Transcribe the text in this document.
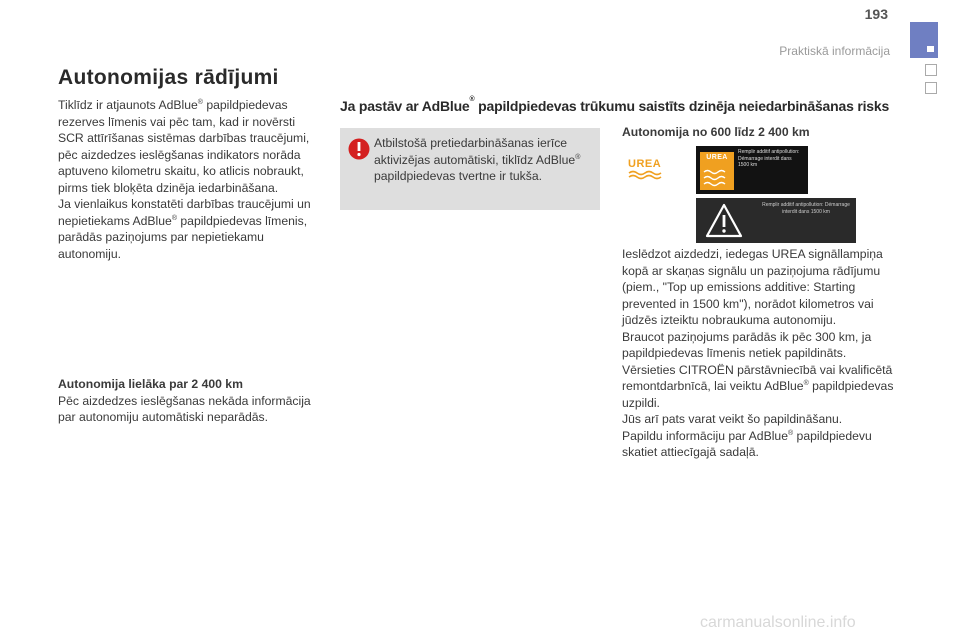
193
Praktiskā informācija
Autonomijas rādījumi
Tiklīdz ir atjaunots AdBlue® papildpiedevas rezerves līmenis vai pēc tam, kad ir novērsti SCR attīrīšanas sistēmas darbības traucējumi, pēc aizdedzes ieslēgšanas indikators norāda aptuveno kilometru skaitu, ko atlicis nobraukt, pirms tiek bloķēta dzinēja iedarbināšana.
Ja vienlaikus konstatēti darbības traucējumi un nepietiekams AdBlue® papildpiedevas līmenis, parādās paziņojums par nepietiekamu autonomiju.
Autonomija lielāka par 2 400 km
Pēc aizdedzes ieslēgšanas nekāda informācija par autonomiju automātiski neparādās.
Ja pastāv ar AdBlue® papildpiedevas trūkumu saistīts dzinēja neiedarbināšanas risks
Atbilstošā pretiedarbināšanas ierīce aktivizējas automātiski, tiklīdz AdBlue® papildpiedevas tvertne ir tukša.
Autonomija no 600 līdz 2 400 km
UREA
UREA
Remplir additif antipollution: Démarrage interdit dans 1500 km
Remplir additif antipollution: Démarrage interdit dans 1500 km
Ieslēdzot aizdedzi, iedegas UREA signāllampiņa kopā ar skaņas signālu un paziņojuma rādījumu (piem., "Top up emissions additive: Starting prevented in 1500 km"), norādot kilometros vai jūdzēs izteiktu nobraukuma autonomiju.
Braucot paziņojums parādās ik pēc 300 km, ja papildpiedevas līmenis netiek papildināts.
Vērsieties CITROËN pārstāvniecībā vai kvalificētā remontdarbnīcā, lai veiktu AdBlue® papildpiedevas uzpildi.
Jūs arī pats varat veikt šo papildināšanu.
Papildu informāciju par AdBlue® papildpiedevu skatiet attiecīgajā sadaļā.
carmanualsonline.info
